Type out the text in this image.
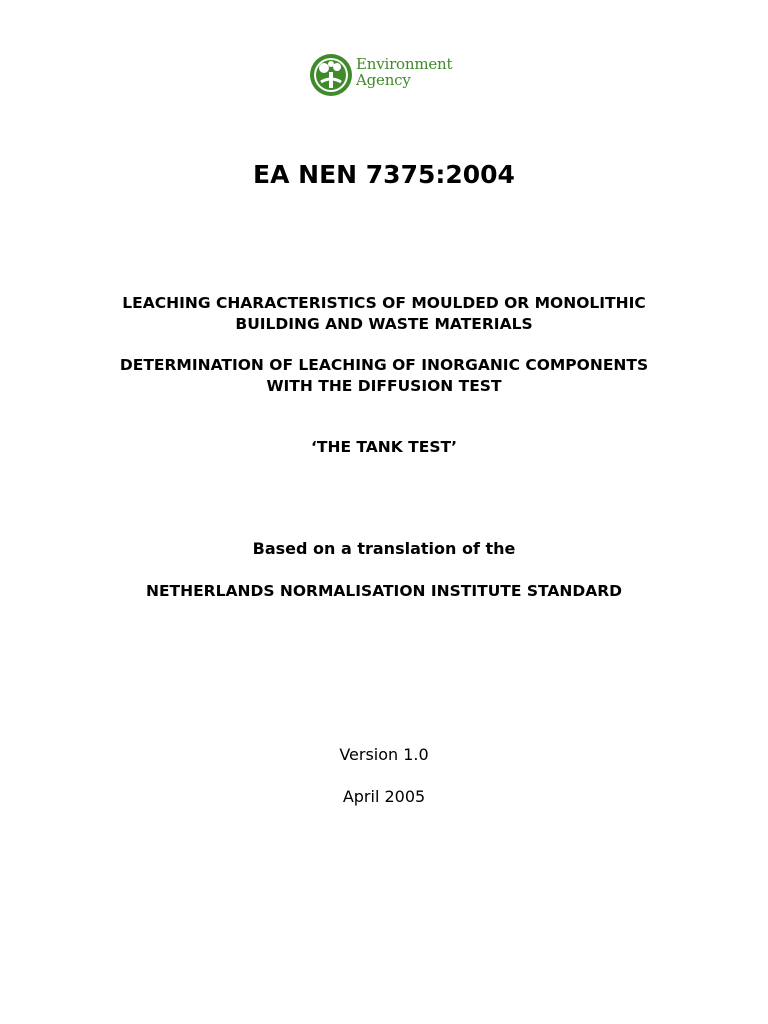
Environment
Agency
EA NEN 7375:2004
LEACHING CHARACTERISTICS OF MOULDED OR MONOLITHIC
BUILDING AND WASTE MATERIALS
DETERMINATION OF LEACHING OF INORGANIC COMPONENTS
WITH THE DIFFUSION TEST
‘THE TANK TEST’
Based on a translation of the
NETHERLANDS NORMALISATION INSTITUTE STANDARD
Version 1.0
April 2005
